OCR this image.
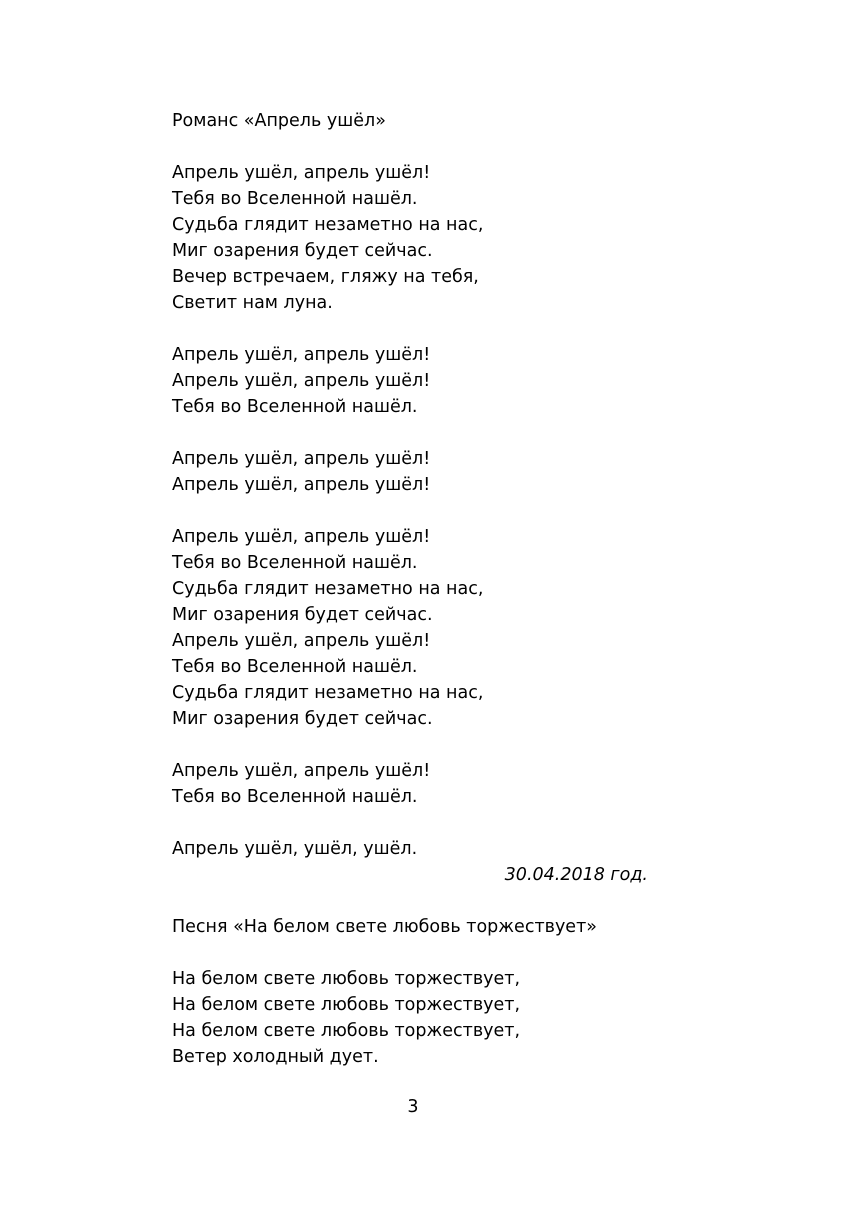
Романс «Апрель ушёл»
Апрель ушёл, апрель ушёл!
Тебя во Вселенной нашёл.
Судьба глядит незаметно на нас,
Миг озарения будет сейчас.
Вечер встречаем, гляжу на тебя,
Светит нам луна.
Апрель ушёл, апрель ушёл!
Апрель ушёл, апрель ушёл!
Тебя во Вселенной нашёл.
Апрель ушёл, апрель ушёл!
Апрель ушёл, апрель ушёл!
Апрель ушёл, апрель ушёл!
Тебя во Вселенной нашёл.
Судьба глядит незаметно на нас,
Миг озарения будет сейчас.
Апрель ушёл, апрель ушёл!
Тебя во Вселенной нашёл.
Судьба глядит незаметно на нас,
Миг озарения будет сейчас.
Апрель ушёл, апрель ушёл!
Тебя во Вселенной нашёл.
Апрель ушёл, ушёл, ушёл.
30.04.2018 год.
Песня «На белом свете любовь торжествует»
На белом свете любовь торжествует,
На белом свете любовь торжествует,
На белом свете любовь торжествует,
Ветер холодный дует.
3
